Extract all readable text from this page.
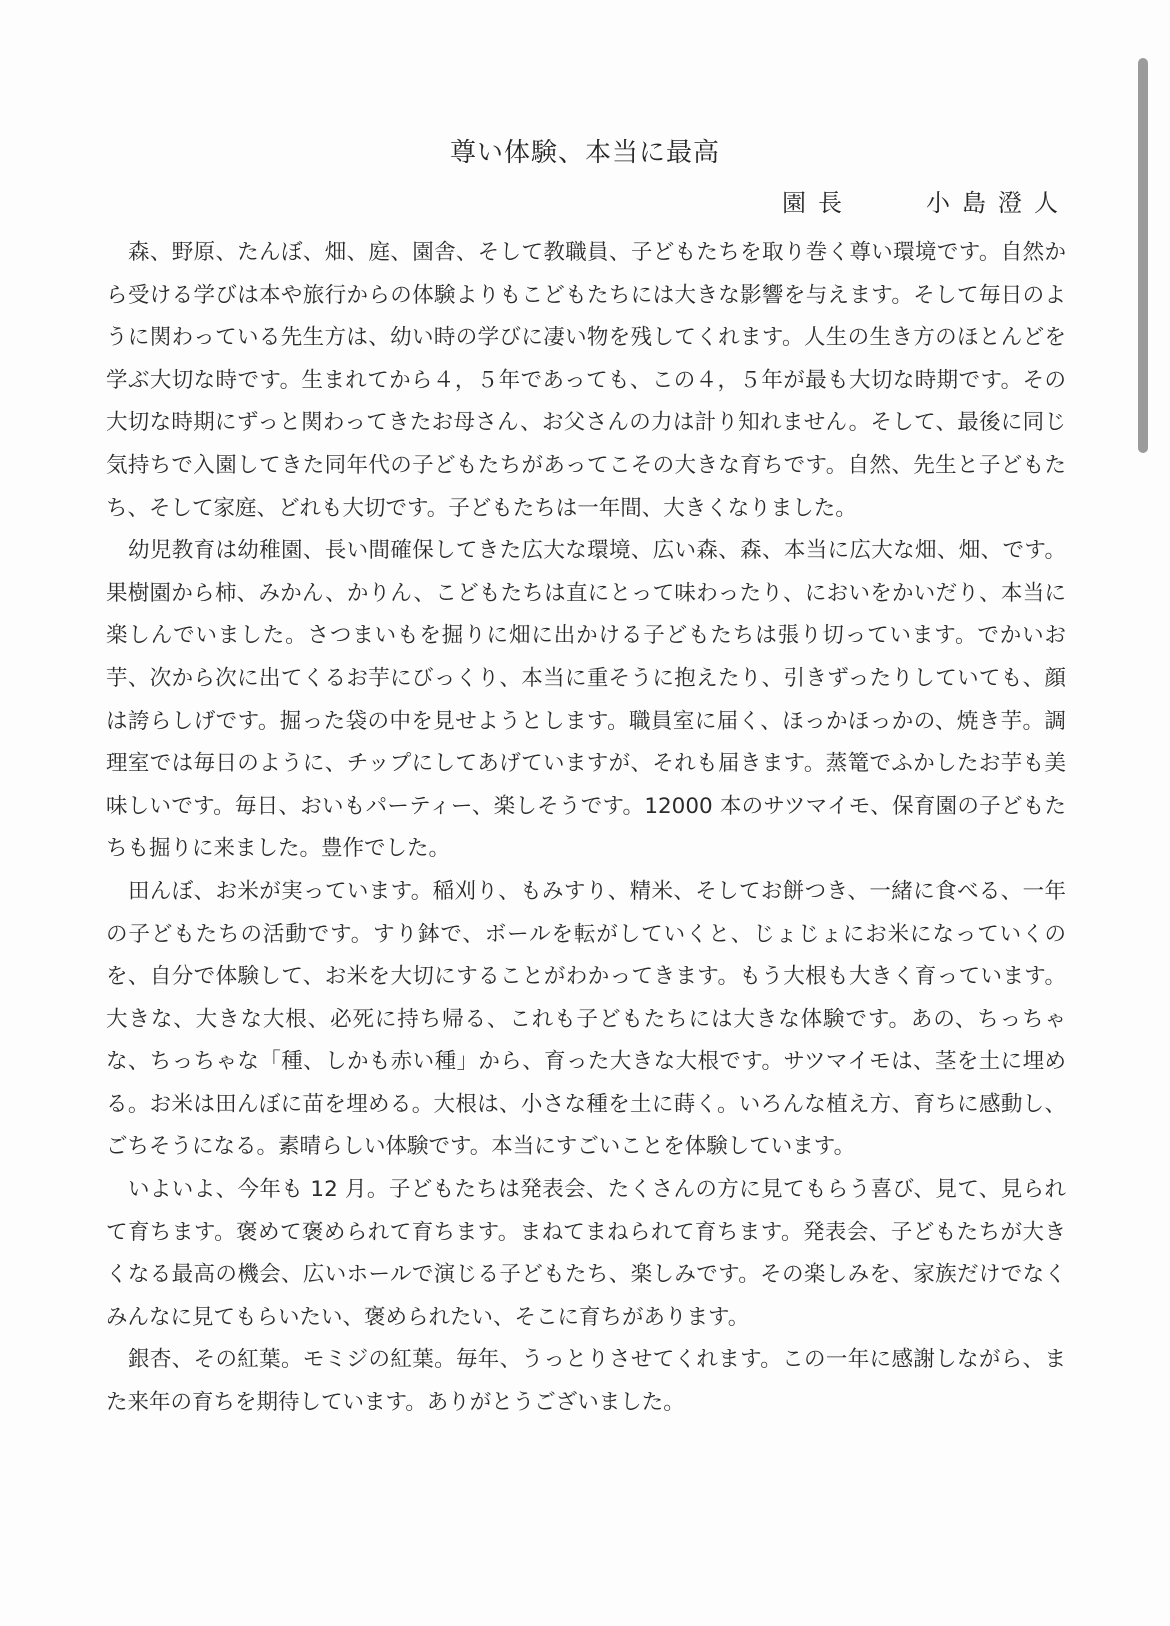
尊い体験、本当に最高
園長　　小島澄人

森、野原、たんぼ、畑、庭、園舎、そして教職員、子どもたちを取り巻く尊い環境です。自然から受ける学びは本や旅行からの体験よりもこどもたちには大きな影響を与えます。そして毎日のように関わっている先生方は、幼い時の学びに凄い物を残してくれます。人生の生き方のほとんどを学ぶ大切な時です。生まれてから４，５年であっても、この４，５年が最も大切な時期です。その大切な時期にずっと関わってきたお母さん、お父さんの力は計り知れません。そして、最後に同じ気持ちで入園してきた同年代の子どもたちがあってこその大きな育ちです。自然、先生と子どもたち、そして家庭、どれも大切です。子どもたちは一年間、大きくなりました。

幼児教育は幼稚園、長い間確保してきた広大な環境、広い森、森、本当に広大な畑、畑、です。果樹園から柿、みかん、かりん、こどもたちは直にとって味わったり、においをかいだり、本当に楽しんでいました。さつまいもを掘りに畑に出かける子どもたちは張り切っています。でかいお芋、次から次に出てくるお芋にびっくり、本当に重そうに抱えたり、引きずったりしていても、顔は誇らしげです。掘った袋の中を見せようとします。職員室に届く、ほっかほっかの、焼き芋。調理室では毎日のように、チップにしてあげていますが、それも届きます。蒸篭でふかしたお芋も美味しいです。毎日、おいもパーティー、楽しそうです。12000 本のサツマイモ、保育園の子どもたちも掘りに来ました。豊作でした。

田んぼ、お米が実っています。稲刈り、もみすり、精米、そしてお餅つき、一緒に食べる、一年の子どもたちの活動です。すり鉢で、ボールを転がしていくと、じょじょにお米になっていくのを、自分で体験して、お米を大切にすることがわかってきます。もう大根も大きく育っています。大きな、大きな大根、必死に持ち帰る、これも子どもたちには大きな体験です。あの、ちっちゃな、ちっちゃな「種、しかも赤い種」から、育った大きな大根です。サツマイモは、茎を土に埋める。お米は田んぼに苗を埋める。大根は、小さな種を土に蒔く。いろんな植え方、育ちに感動し、ごちそうになる。素晴らしい体験です。本当にすごいことを体験しています。

いよいよ、今年も 12 月。子どもたちは発表会、たくさんの方に見てもらう喜び、見て、見られて育ちます。褒めて褒められて育ちます。まねてまねられて育ちます。発表会、子どもたちが大きくなる最高の機会、広いホールで演じる子どもたち、楽しみです。その楽しみを、家族だけでなくみんなに見てもらいたい、褒められたい、そこに育ちがあります。

銀杏、その紅葉。モミジの紅葉。毎年、うっとりさせてくれます。この一年に感謝しながら、また来年の育ちを期待しています。ありがとうございました。
